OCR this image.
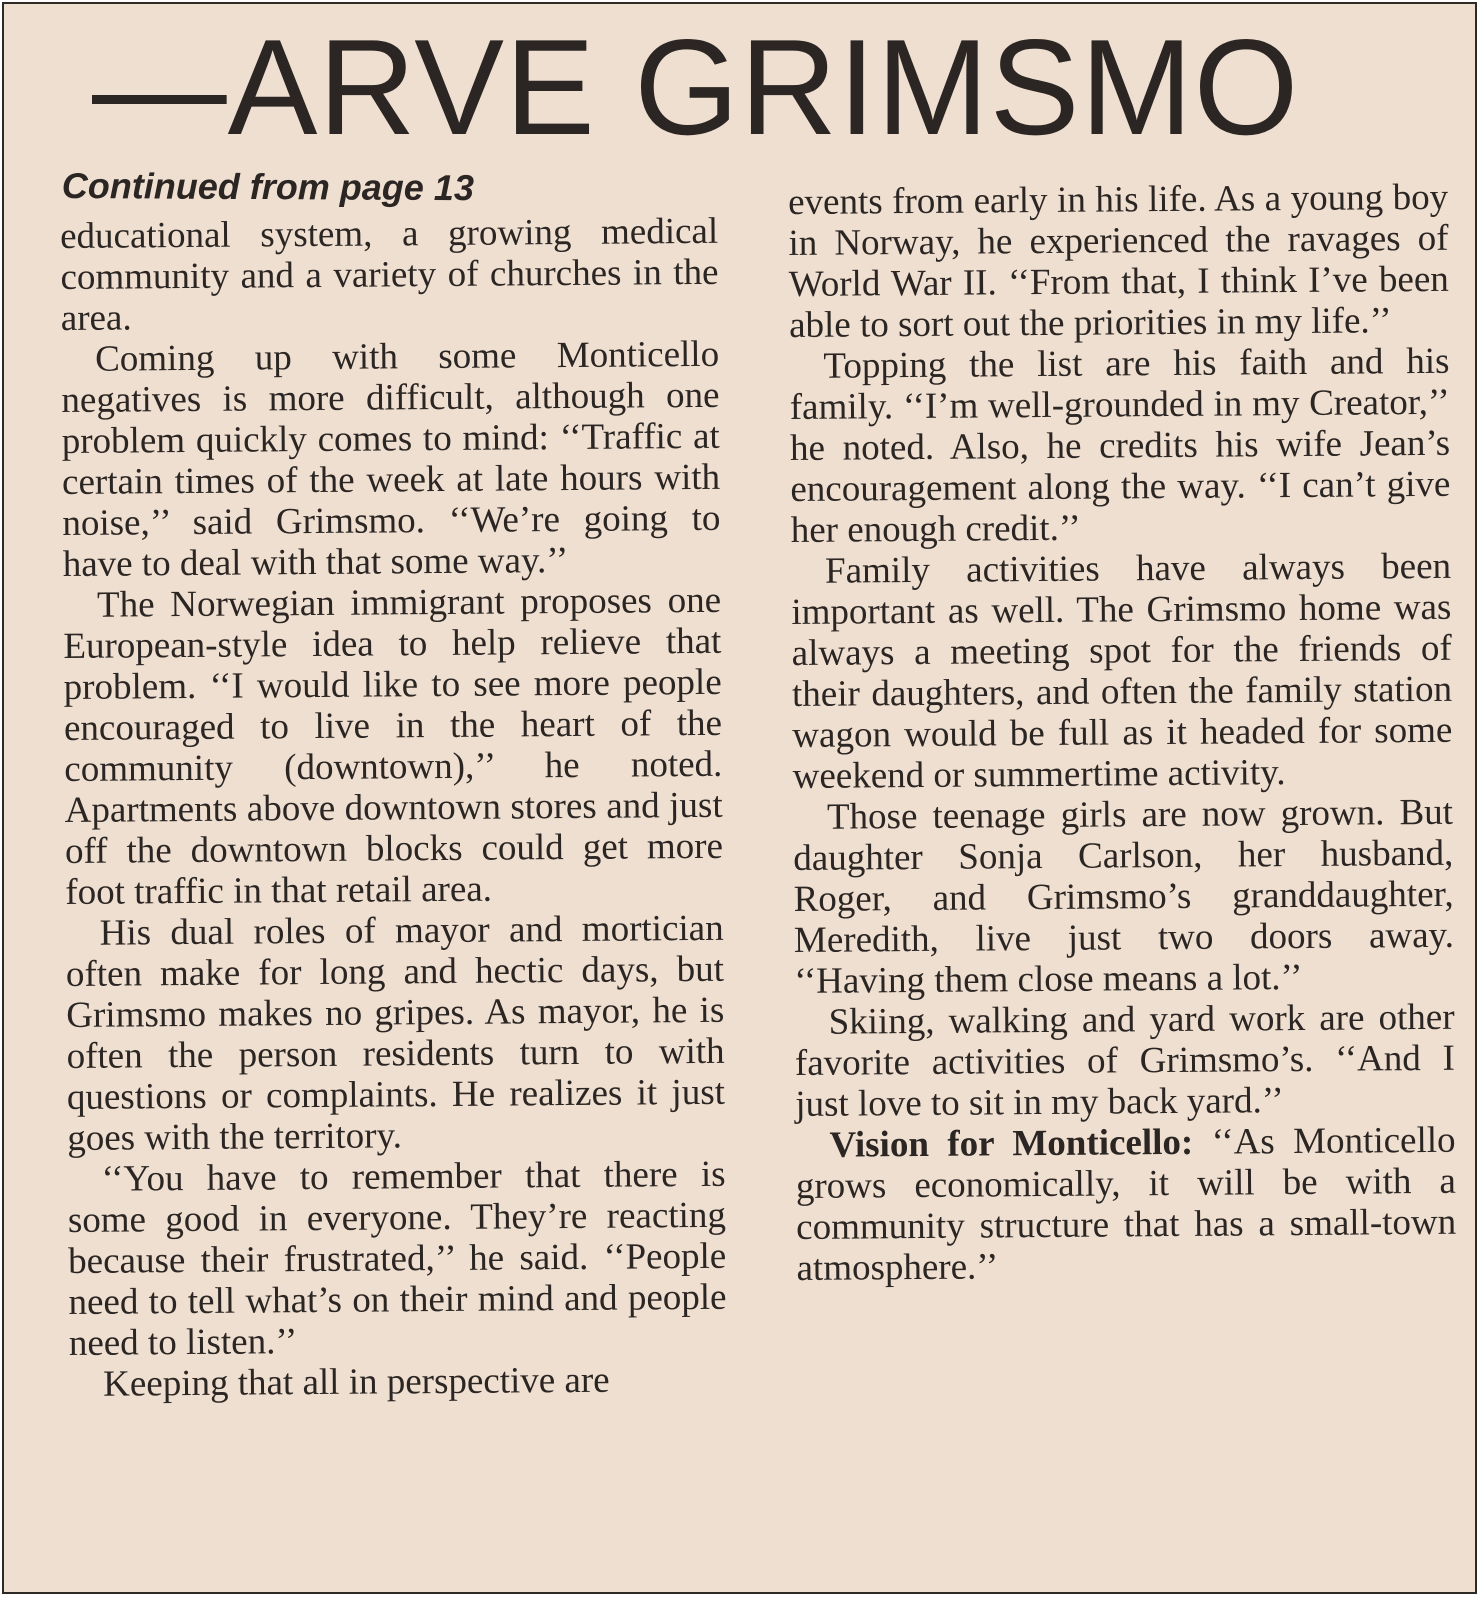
—ARVE GRIMSMO
Continued from page 13

educational system, a growing medical community and a variety of churches in the area.

Coming up with some Monticello negatives is more difficult, although one problem quickly comes to mind: ‘‘Traffic at certain times of the week at late hours with noise,’’ said Grimsmo. ‘‘We’re going to have to deal with that some way.’’

The Norwegian immigrant proposes one European-style idea to help relieve that problem. ‘‘I would like to see more people encouraged to live in the heart of the community (downtown),’’ he noted. Apartments above downtown stores and just off the downtown blocks could get more foot traffic in that retail area.

His dual roles of mayor and mortician often make for long and hectic days, but Grimsmo makes no gripes. As mayor, he is often the person residents turn to with questions or complaints. He realizes it just goes with the territory.

‘‘You have to remember that there is some good in everyone. They’re reacting because their frustrated,’’ he said. ‘‘People need to tell what’s on their mind and people need to listen.’’

Keeping that all in perspective are

events from early in his life. As a young boy in Norway, he experienced the ravages of World War II. ‘‘From that, I think I’ve been able to sort out the priorities in my life.’’

Topping the list are his faith and his family. ‘‘I’m well-grounded in my Creator,’’ he noted. Also, he credits his wife Jean’s encouragement along the way. ‘‘I can’t give her enough credit.’’

Family activities have always been important as well. The Grimsmo home was always a meeting spot for the friends of their daughters, and often the family station wagon would be full as it headed for some weekend or summertime activity.

Those teenage girls are now grown. But daughter Sonja Carlson, her husband, Roger, and Grimsmo’s granddaughter, Meredith, live just two doors away. ‘‘Having them close means a lot.’’

Skiing, walking and yard work are other favorite activities of Grimsmo’s. ‘‘And I just love to sit in my back yard.’’

Vision for Monticello: ‘‘As Monticello grows economically, it will be with a community structure that has a small-town atmosphere.’’
